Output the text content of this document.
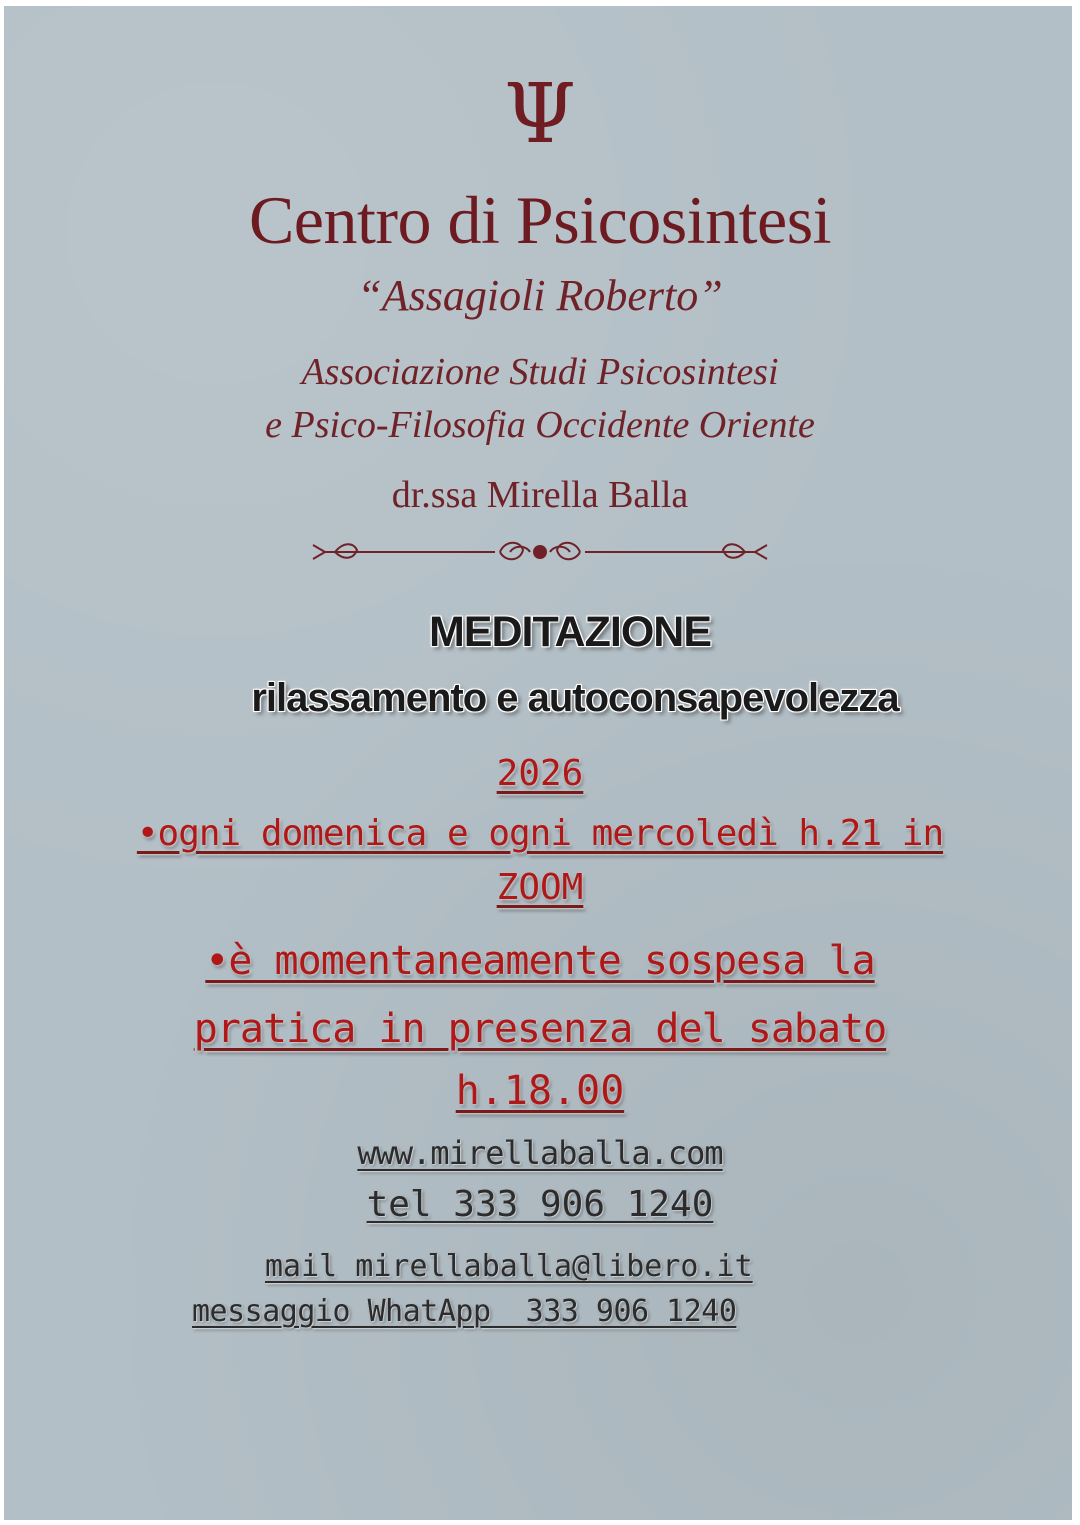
Ψ
Centro di Psicosintesi
“Assagioli Roberto”
Associazione Studi Psicosintesi
e Psico-Filosofia Occidente Oriente
dr.ssa Mirella Balla
MEDITAZIONE
rilassamento e autoconsapevolezza
2026
•ogni domenica e ogni mercoledì h.21 in
ZOOM
•è momentaneamente sospesa la
pratica in presenza del sabato
h.18.00
www.mirellaballa.com
tel 333 906 1240
mail mirellaballa@libero.it
messaggio WhatApp  333 906 1240
